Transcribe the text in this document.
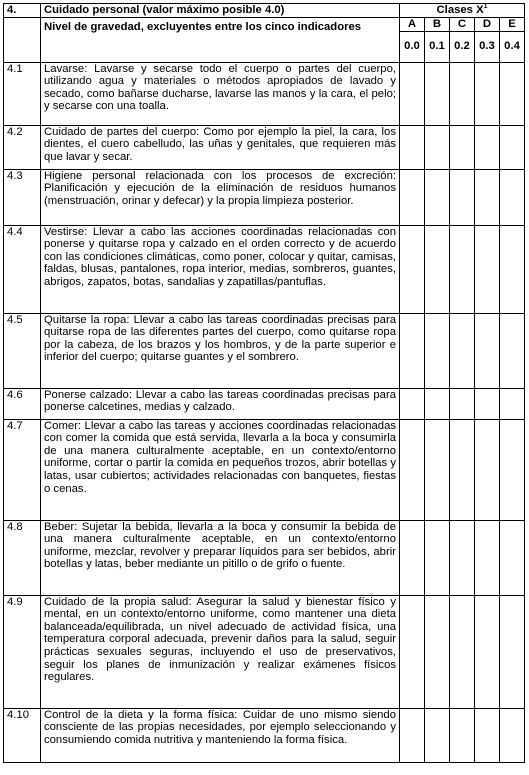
4.	Cuidado personal (valor máximo posible 4.0)	Clases $X^1$
	Nivel de gravedad, excluyentes entre los cinco indicadores	A	B	C	D	E
		0.0	0.1	0.2	0.3	0.4
4.1	Lavarse: Lavarse y secarse todo el cuerpo o partes del cuerpo, utilizando agua y materiales o métodos apropiados de lavado y secado, como bañarse ducharse, lavarse las manos y la cara, el pelo; y secarse con una toalla.					
4.2	Cuidado de partes del cuerpo: Como por ejemplo la piel, la cara, los dientes, el cuero cabelludo, las uñas y genitales, que requieren más que lavar y secar.					
4.3	Higiene personal relacionada con los procesos de excreción: Planificación y ejecución de la eliminación de residuos humanos (menstruación, orinar y defecar) y la propia limpieza posterior.					
4.4	Vestirse: Llevar a cabo las acciones coordinadas relacionadas con ponerse y quitarse ropa y calzado en el orden correcto y de acuerdo con las condiciones climáticas, como poner, colocar y quitar, camisas, faldas, blusas, pantalones, ropa interior, medias, sombreros, guantes, abrigos, zapatos, botas, sandalias y zapatillas/pantuflas.					
4.5	Quitarse la ropa: Llevar a cabo las tareas coordinadas precisas para quitarse ropa de las diferentes partes del cuerpo, como quitarse ropa por la cabeza, de los brazos y los hombros, y de la parte superior e inferior del cuerpo; quitarse guantes y el sombrero.					
4.6	Ponerse calzado: Llevar a cabo las tareas coordinadas precisas para ponerse calcetines, medias y calzado.					
4.7	Comer: Llevar a cabo las tareas y acciones coordinadas relacionadas con comer la comida que está servida, llevarla a la boca y consumirla de una manera culturalmente aceptable, en un contexto/entorno uniforme, cortar o partir la comida en pequeños trozos, abrir botellas y latas, usar cubiertos; actividades relacionadas con banquetes, fiestas o cenas.					
4.8	Beber: Sujetar la bebida, llevarla a la boca y consumir la bebida de una manera culturalmente aceptable, en un contexto/entorno uniforme, mezclar, revolver y preparar líquidos para ser bebidos, abrir botellas y latas, beber mediante un pitillo o de grifo o fuente.					
4.9	Cuidado de la propia salud: Asegurar la salud y bienestar físico y mental, en un contexto/entorno uniforme, como mantener una dieta balanceada/equilibrada, un nivel adecuado de actividad física, una temperatura corporal adecuada, prevenir daños para la salud, seguir prácticas sexuales seguras, incluyendo el uso de preservativos, seguir los planes de inmunización y realizar exámenes físicos regulares.					
4.10	Control de la dieta y la forma física: Cuidar de uno mismo siendo consciente de las propias necesidades, por ejemplo seleccionando y consumiendo comida nutritiva y manteniendo la forma física.					
